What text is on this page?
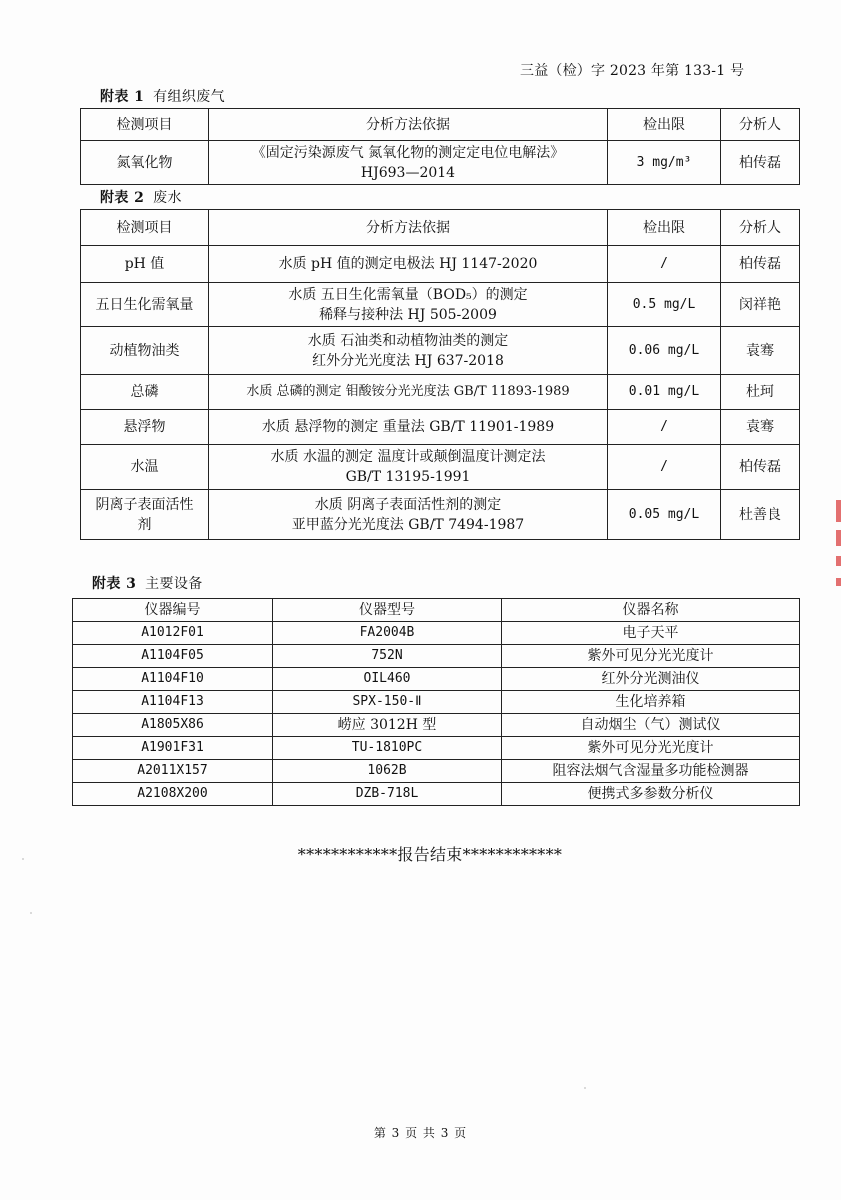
三益（检）字 2023 年第 133-1 号
附表 1 有组织废气
检测项目	分析方法依据	检出限	分析人
氮氧化物	《固定污染源废气 氮氧化物的测定定电位电解法》
HJ693—2014	3 mg/m³	柏传磊
附表 2 废水
检测项目	分析方法依据	检出限	分析人
pH 值	水质 pH 值的测定电极法 HJ 1147-2020	/	柏传磊
五日生化需氧量	水质 五日生化需氧量（BOD₅）的测定
稀释与接种法 HJ 505-2009	0.5 mg/L	闵祥艳
动植物油类	水质 石油类和动植物油类的测定
红外分光光度法 HJ 637-2018	0.06 mg/L	袁骞
总磷	水质 总磷的测定 钼酸铵分光光度法 GB/T 11893-1989	0.01 mg/L	杜珂
悬浮物	水质 悬浮物的测定 重量法 GB/T 11901-1989	/	袁骞
水温	水质 水温的测定 温度计或颠倒温度计测定法
GB/T 13195-1991	/	柏传磊

阴离子表面活性
剂	水质 阴离子表面活性剂的测定
亚甲蓝分光光度法 GB/T 7494-1987	0.05 mg/L	杜善良
附表 3 主要设备
仪器编号	仪器型号	仪器名称
A1012F01	FA2004B	电子天平
A1104F05	752N	紫外可见分光光度计
A1104F10	OIL460	红外分光测油仪
A1104F13	SPX-150-Ⅱ	生化培养箱
A1805X86	崂应 3012H 型	自动烟尘（气）测试仪
A1901F31	TU-1810PC	紫外可见分光光度计
A2011X157	1062B	阻容法烟气含湿量多功能检测器
A2108X200	DZB-718L	便携式多参数分析仪
************报告结束************
第 3 页 共 3 页
